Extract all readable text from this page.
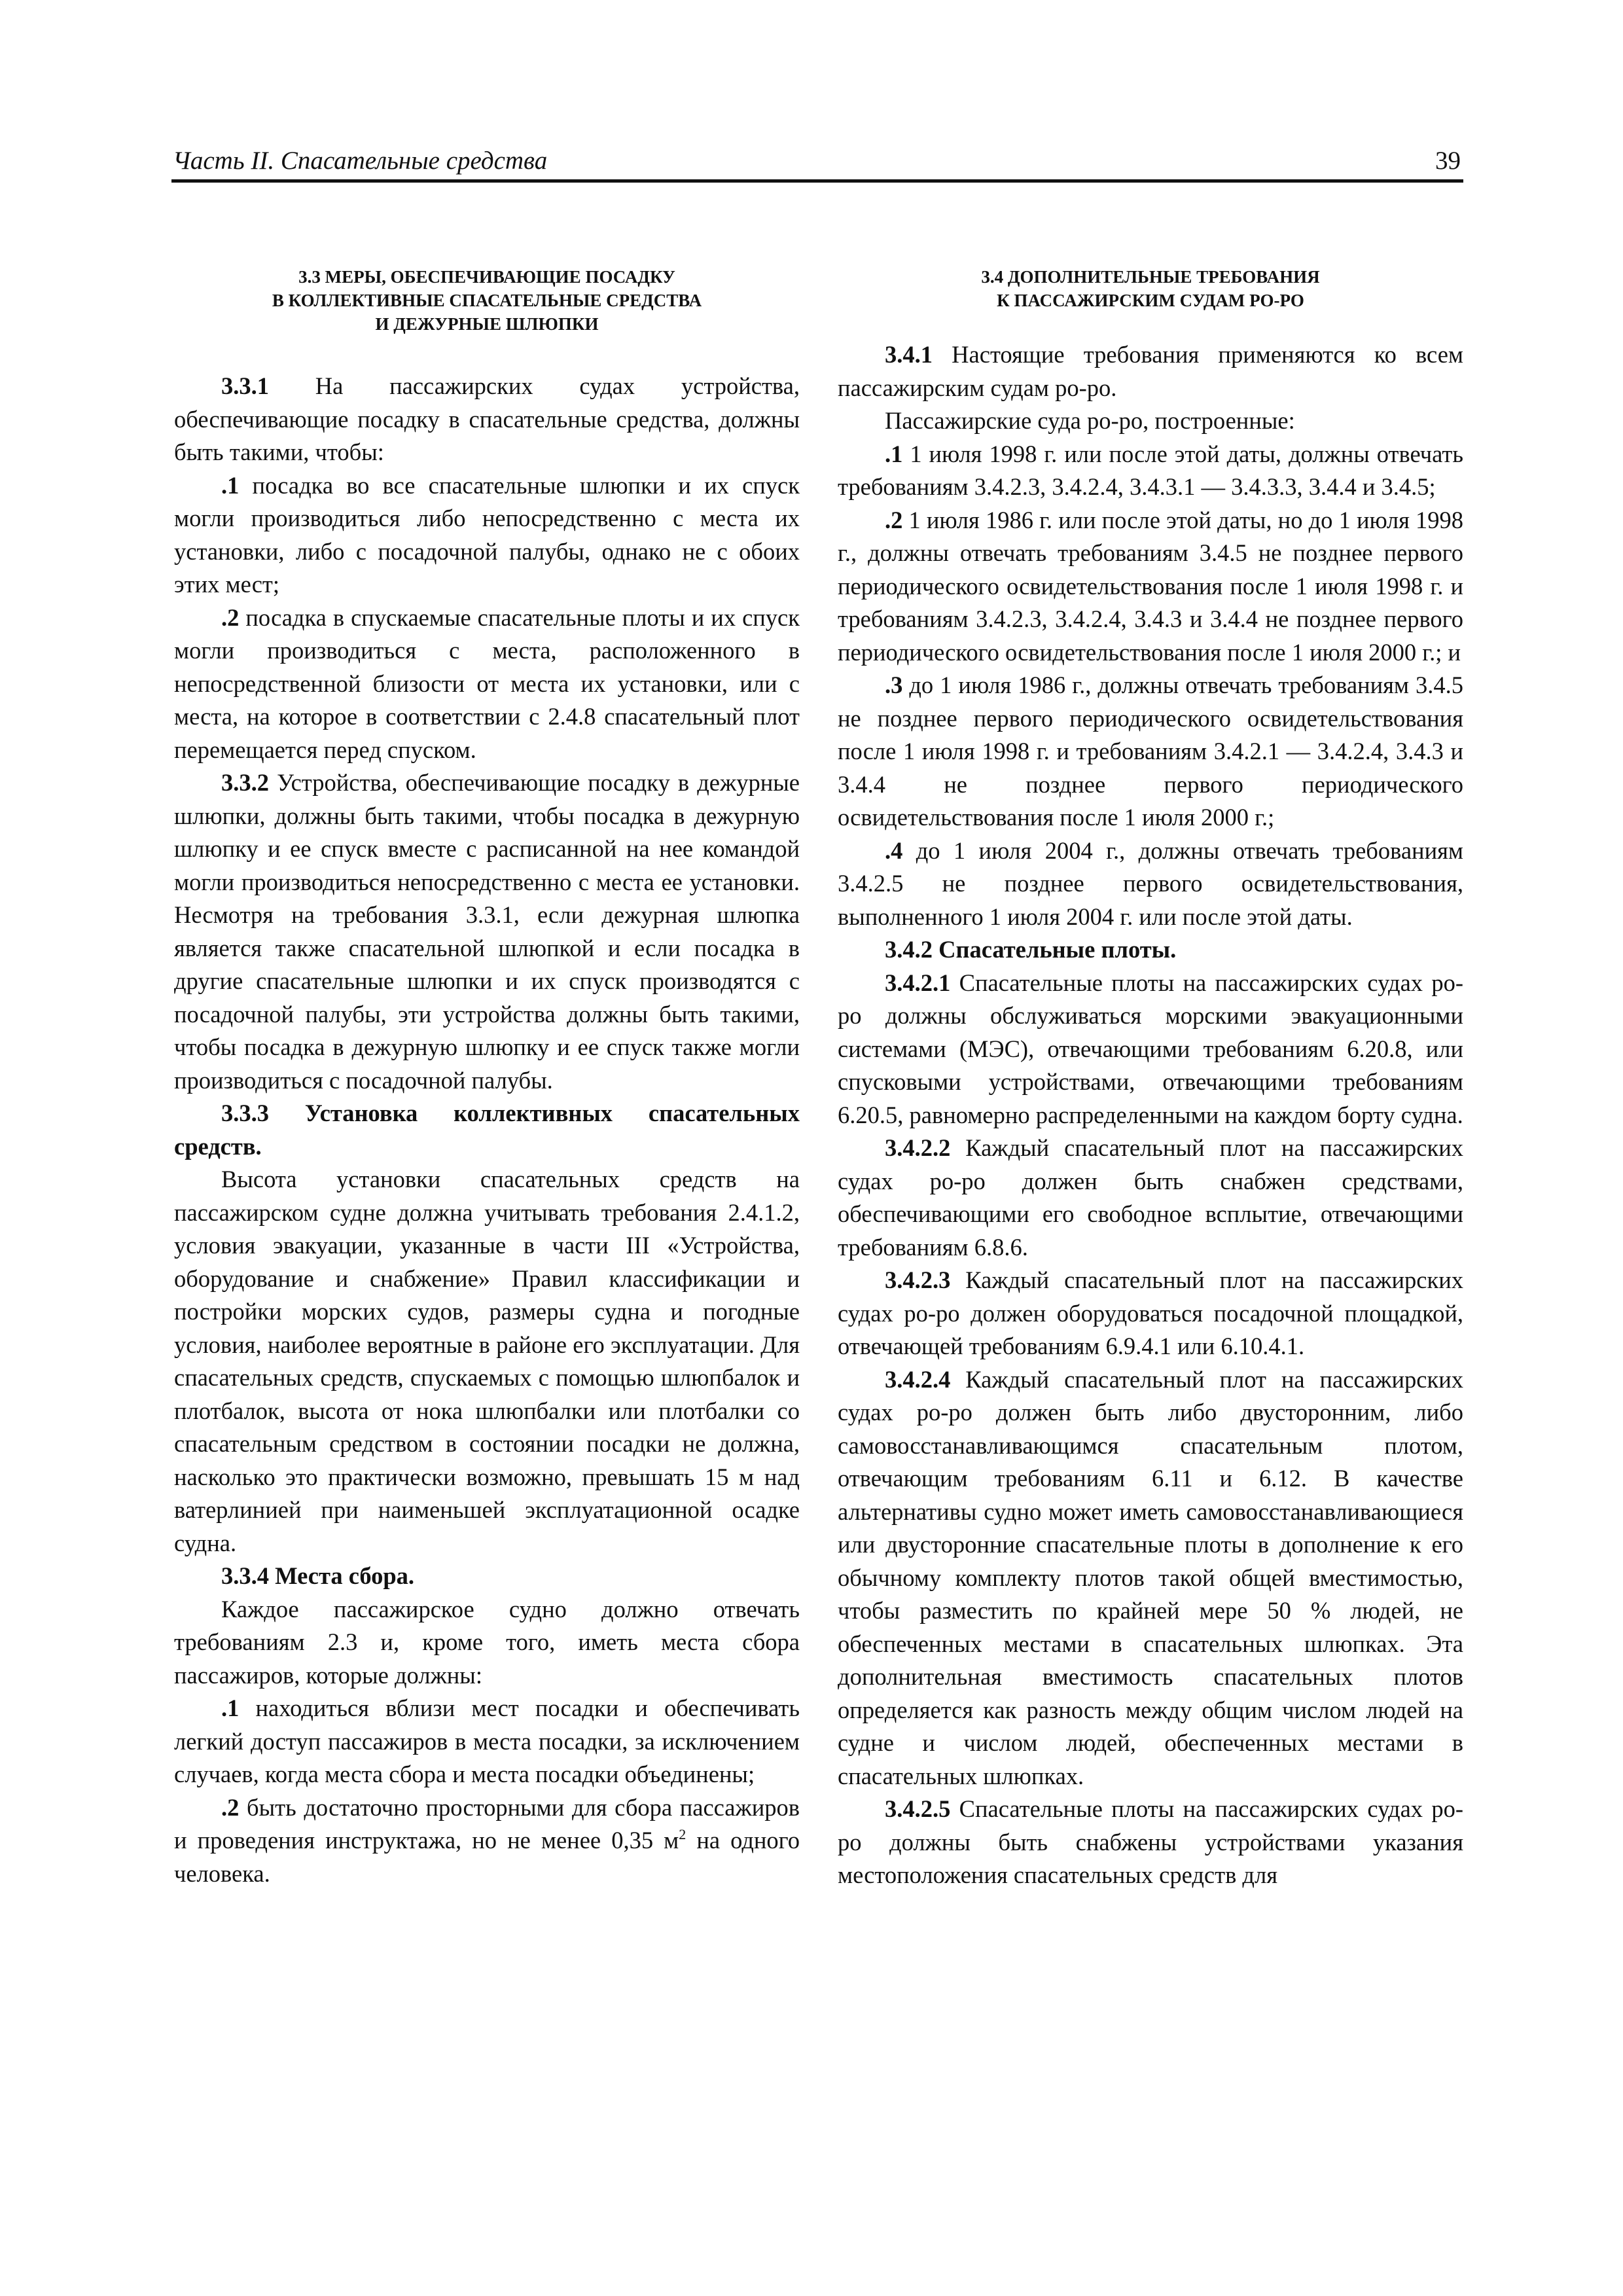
Часть II. Спасательные средства	39
3.3 МЕРЫ, ОБЕСПЕЧИВАЮЩИЕ ПОСАДКУ
В КОЛЛЕКТИВНЫЕ СПАСАТЕЛЬНЫЕ СРЕДСТВА
И ДЕЖУРНЫЕ ШЛЮПКИ

3.3.1 На пассажирских судах устройства, обеспечивающие посадку в спасательные средства, должны быть такими, чтобы:

.1 посадка во все спасательные шлюпки и их спуск могли производиться либо непосредственно с места их установки, либо с посадочной палубы, однако не с обоих этих мест;

.2 посадка в спускаемые спасательные плоты и их спуск могли производиться с места, расположенного в непосредственной близости от места их установки, или с места, на которое в соответствии с 2.4.8 спасательный плот перемещается перед спуском.

3.3.2 Устройства, обеспечивающие посадку в дежурные шлюпки, должны быть такими, чтобы посадка в дежурную шлюпку и ее спуск вместе с расписанной на нее командой могли производиться непосредственно с места ее установки. Несмотря на требования 3.3.1, если дежурная шлюпка является также спасательной шлюпкой и если посадка в другие спасательные шлюпки и их спуск производятся с посадочной палубы, эти устройства должны быть такими, чтобы посадка в дежурную шлюпку и ее спуск также могли производиться с посадочной палубы.

3.3.3 Установка коллективных спасательных средств.

Высота установки спасательных средств на пассажирском судне должна учитывать требования 2.4.1.2, условия эвакуации, указанные в части III «Устройства, оборудование и снабжение» Правил классификации и постройки морских судов, размеры судна и погодные условия, наиболее вероятные в районе его эксплуатации. Для спасательных средств, спускаемых с помощью шлюпбалок и плотбалок, высота от нока шлюпбалки или плотбалки со спасательным средством в состоянии посадки не должна, насколько это практически возможно, превышать 15 м над ватерлинией при наименьшей эксплуатационной осадке судна.

3.3.4 Места сбора.

Каждое пассажирское судно должно отвечать требованиям 2.3 и, кроме того, иметь места сбора пассажиров, которые должны:

.1 находиться вблизи мест посадки и обеспечивать легкий доступ пассажиров в места посадки, за исключением случаев, когда места сбора и места посадки объединены;

.2 быть достаточно просторными для сбора пассажиров и проведения инструктажа, но не менее 0,35 $м^2$ на одного человека.

3.4 ДОПОЛНИТЕЛЬНЫЕ ТРЕБОВАНИЯ
К ПАССАЖИРСКИМ СУДАМ РО-РО

3.4.1 Настоящие требования применяются ко всем пассажирским судам ро-ро.

Пассажирские суда ро-ро, построенные:

.1 1 июля 1998 г. или после этой даты, должны отвечать требованиям 3.4.2.3, 3.4.2.4, 3.4.3.1 — 3.4.3.3, 3.4.4 и 3.4.5;

.2 1 июля 1986 г. или после этой даты, но до 1 июля 1998 г., должны отвечать требованиям 3.4.5 не позднее первого периодического освидетельствования после 1 июля 1998 г. и требованиям 3.4.2.3, 3.4.2.4, 3.4.3 и 3.4.4 не позднее первого периодического освидетельствования после 1 июля 2000 г.; и

.3 до 1 июля 1986 г., должны отвечать требованиям 3.4.5 не позднее первого периодического освидетельствования после 1 июля 1998 г. и требованиям 3.4.2.1 — 3.4.2.4, 3.4.3 и 3.4.4 не позднее первого периодического освидетельствования после 1 июля 2000 г.;

.4 до 1 июля 2004 г., должны отвечать требованиям 3.4.2.5 не позднее первого освидетельствования, выполненного 1 июля 2004 г. или после этой даты.

3.4.2 Спасательные плоты.

3.4.2.1 Спасательные плоты на пассажирских судах ро-ро должны обслуживаться морскими эвакуационными системами (МЭС), отвечающими требованиям 6.20.8, или спусковыми устройствами, отвечающими требованиям 6.20.5, равномерно распределенными на каждом борту судна.

3.4.2.2 Каждый спасательный плот на пассажирских судах ро-ро должен быть снабжен средствами, обеспечивающими его свободное всплытие, отвечающими требованиям 6.8.6.

3.4.2.3 Каждый спасательный плот на пассажирских судах ро-ро должен оборудоваться посадочной площадкой, отвечающей требованиям 6.9.4.1 или 6.10.4.1.

3.4.2.4 Каждый спасательный плот на пассажирских судах ро-ро должен быть либо двусторонним, либо самовосстанавливающимся спасательным плотом, отвечающим требованиям 6.11 и 6.12. В качестве альтернативы судно может иметь самовосстанавливающиеся или двусторонние спасательные плоты в дополнение к его обычному комплекту плотов такой общей вместимостью, чтобы разместить по крайней мере 50 % людей, не обеспеченных местами в спасательных шлюпках. Эта дополнительная вместимость спасательных плотов определяется как разность между общим числом людей на судне и числом людей, обеспеченных местами в спасательных шлюпках.

3.4.2.5 Спасательные плоты на пассажирских судах ро-ро должны быть снабжены устройствами указания местоположения спасательных средств для
